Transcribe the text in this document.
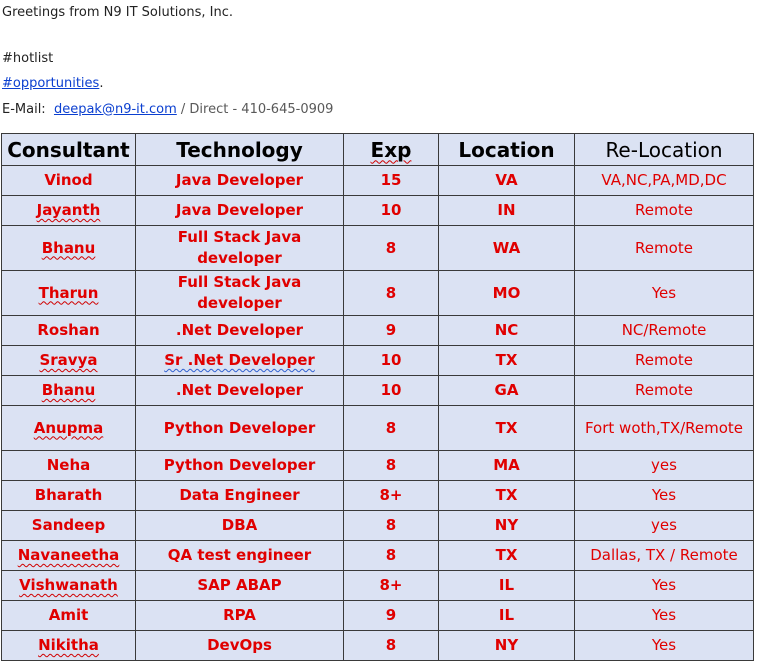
Greetings from N9 IT Solutions, Inc.
#hotlist
#opportunities.
E-Mail: deepak@n9-it.com / Direct - 410-645-0909
Consultant	Technology	Exp	Location	Re-Location
Vinod	Java Developer	15	VA	VA,NC,PA,MD,DC
Jayanth	Java Developer	10	IN	Remote
Bhanu	Full Stack Java developer	8	WA	Remote
Tharun	Full Stack Java developer	8	MO	Yes
Roshan	.Net Developer	9	NC	NC/Remote
Sravya	Sr .Net Developer	10	TX	Remote
Bhanu	.Net Developer	10	GA	Remote
Anupma	Python Developer	8	TX	Fort woth,TX/Remote
Neha	Python Developer	8	MA	yes
Bharath	Data Engineer	8+	TX	Yes
Sandeep	DBA	8	NY	yes
Navaneetha	QA test engineer	8	TX	Dallas, TX / Remote
Vishwanath	SAP ABAP	8+	IL	Yes
Amit	RPA	9	IL	Yes
Nikitha	DevOps	8	NY	Yes
